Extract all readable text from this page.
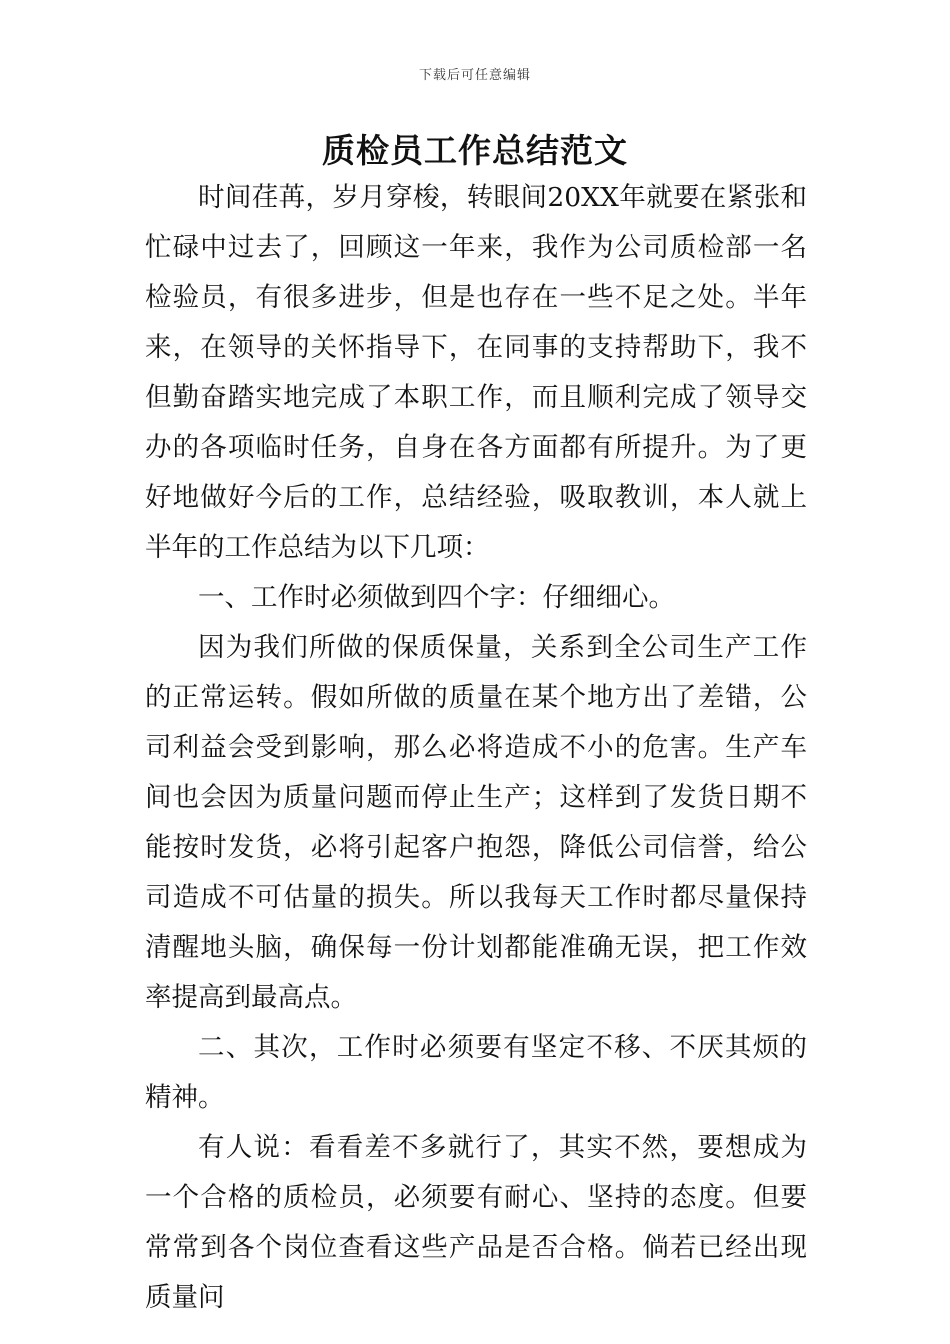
下载后可任意编辑
质检员工作总结范文

时间荏苒，岁月穿梭，转眼间20XX年就要在紧张和忙碌中过去了，回顾这一年来，我作为公司质检部一名检验员，有很多进步，但是也存在一些不足之处。半年来，在领导的关怀指导下，在同事的支持帮助下，我不但勤奋踏实地完成了本职工作，而且顺利完成了领导交办的各项临时任务，自身在各方面都有所提升。为了更好地做好今后的工作，总结经验，吸取教训，本人就上半年的工作总结为以下几项：

一、工作时必须做到四个字：仔细细心。

因为我们所做的保质保量，关系到全公司生产工作的正常运转。假如所做的质量在某个地方出了差错，公司利益会受到影响，那么必将造成不小的危害。生产车间也会因为质量问题而停止生产；这样到了发货日期不能按时发货，必将引起客户抱怨，降低公司信誉，给公司造成不可估量的损失。所以我每天工作时都尽量保持清醒地头脑，确保每一份计划都能准确无误，把工作效率提高到最高点。

二、其次，工作时必须要有坚定不移、不厌其烦的精神。

有人说：看看差不多就行了，其实不然，要想成为一个合格的质检员，必须要有耐心、坚持的态度。但要常常到各个岗位查看这些产品是否合格。倘若已经出现质量问
